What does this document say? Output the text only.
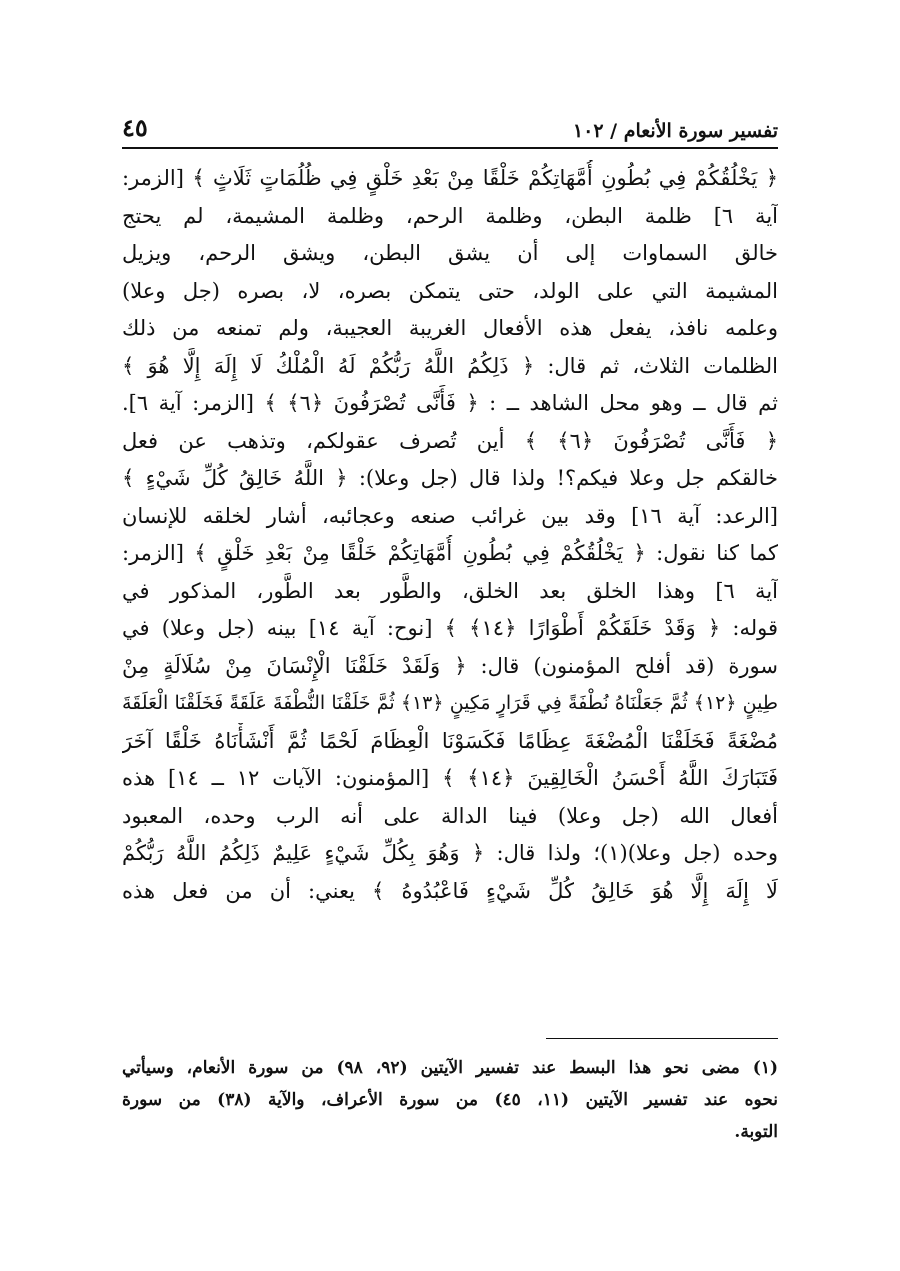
تفسير سورة الأنعام / ١٠٢
٤٥
﴿ يَخْلُقُكُمْ فِي بُطُونِ أُمَّهَاتِكُمْ خَلْقًا مِنْ بَعْدِ خَلْقٍ فِي ظُلُمَاتٍ ثَلَاثٍ ﴾ [الزمر:
آية ٦] ظلمة البطن، وظلمة الرحم، وظلمة المشيمة، لم يحتج
خالق السماوات إلى أن يشق البطن، ويشق الرحم، ويزيل
المشيمة التي على الولد، حتى يتمكن بصره، لا، بصره (جل وعلا)
وعلمه نافذ، يفعل هذه الأفعال الغريبة العجيبة، ولم تمنعه من ذلك
الظلمات الثلاث، ثم قال: ﴿ ذَلِكُمُ اللَّهُ رَبُّكُمْ لَهُ الْمُلْكُ لَا إِلَهَ إِلَّا هُوَ ﴾
ثم قال ــ وهو محل الشاهد ــ : ﴿ فَأَنَّى تُصْرَفُونَ ﴿٦﴾ ﴾ [الزمر: آية ٦].
﴿ فَأَنَّى تُصْرَفُونَ ﴿٦﴾ ﴾ أين تُصرف عقولكم، وتذهب عن فعل
خالقكم جل وعلا فيكم؟! ولذا قال (جل وعلا): ﴿ اللَّهُ خَالِقُ كُلِّ شَيْءٍ ﴾
[الرعد: آية ١٦] وقد بين غرائب صنعه وعجائبه، أشار لخلقه للإنسان
كما كنا نقول: ﴿ يَخْلُقُكُمْ فِي بُطُونِ أُمَّهَاتِكُمْ خَلْقًا مِنْ بَعْدِ خَلْقٍ ﴾ [الزمر:
آية ٦] وهذا الخلق بعد الخلق، والطَّور بعد الطَّور، المذكور في
قوله: ﴿ وَقَدْ خَلَقَكُمْ أَطْوَارًا ﴿١٤﴾ ﴾ [نوح: آية ١٤] بينه (جل وعلا) في
سورة (قد أفلح المؤمنون) قال: ﴿ وَلَقَدْ خَلَقْنَا الْإِنْسَانَ مِنْ سُلَالَةٍ مِنْ
طِينٍ ﴿١٢﴾ ثُمَّ جَعَلْنَاهُ نُطْفَةً فِي قَرَارٍ مَكِينٍ ﴿١٣﴾ ثُمَّ خَلَقْنَا النُّطْفَةَ عَلَقَةً فَخَلَقْنَا الْعَلَقَةَ
مُضْغَةً فَخَلَقْنَا الْمُضْغَةَ عِظَامًا فَكَسَوْنَا الْعِظَامَ لَحْمًا ثُمَّ أَنْشَأْنَاهُ خَلْقًا آخَرَ
فَتَبَارَكَ اللَّهُ أَحْسَنُ الْخَالِقِينَ ﴿١٤﴾ ﴾ [المؤمنون: الآيات ١٢ ــ ١٤] هذه
أفعال الله (جل وعلا) فينا الدالة على أنه الرب وحده، المعبود
وحده (جل وعلا)(١)؛ ولذا قال: ﴿ وَهُوَ بِكُلِّ شَيْءٍ عَلِيمٌ ذَلِكُمُ اللَّهُ رَبُّكُمْ
لَا إِلَهَ إِلَّا هُوَ خَالِقُ كُلِّ شَيْءٍ فَاعْبُدُوهُ ﴾ يعني: أن من فعل هذه
(١) مضى نحو هذا البسط عند تفسير الآيتين (٩٢، ٩٨) من سورة الأنعام، وسيأتي
نحوه عند تفسير الآيتين (١١، ٤٥) من سورة الأعراف، والآية (٣٨) من سورة
التوبة.
